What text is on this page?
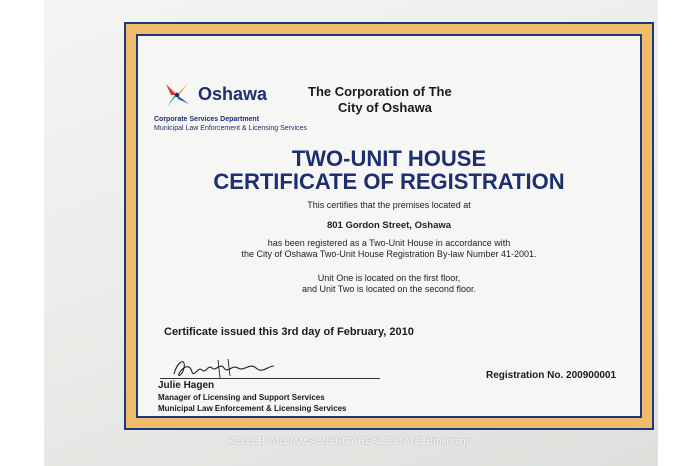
Oshawa
Corporate Services Department
Municipal Law Enforcement & Licensing Services
The Corporation of The
City of Oshawa
TWO-UNIT HOUSE
CERTIFICATE OF REGISTRATION
This certifies that the premises located at
801 Gordon Street, Oshawa
has been registered as a Two-Unit House in accordance with
the City of Oshawa Two-Unit House Registration By-law Number 41-2001.
Unit One is located on the first floor,
and Unit Two is located on the second floor.
Certificate issued this 3rd day of February, 2010
Julie Hagen
Manager of Licensing and Support Services
Municipal Law Enforcement & Licensing Services
Registration No. 200900001
KELLER WILLIAMS ENERGY REAL ESTATE, Brokerage
